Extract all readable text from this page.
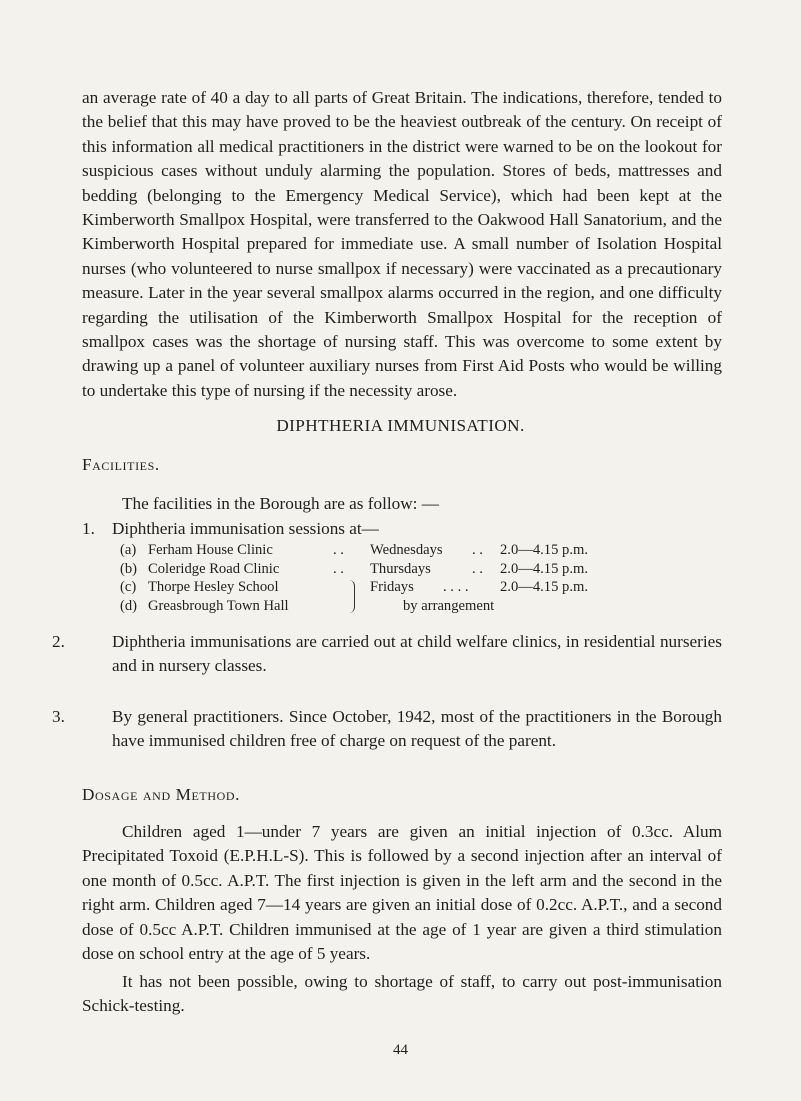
an average rate of 40 a day to all parts of Great Britain. The indications, therefore, tended to the belief that this may have proved to be the heaviest outbreak of the century. On receipt of this information all medical practitioners in the district were warned to be on the lookout for suspicious cases without unduly alarming the population. Stores of beds, mattresses and bedding (belonging to the Emergency Medical Service), which had been kept at the Kimberworth Smallpox Hospital, were transferred to the Oakwood Hall Sanatorium, and the Kimberworth Hospital prepared for immediate use. A small number of Isolation Hospital nurses (who volunteered to nurse smallpox if necessary) were vaccinated as a precautionary measure. Later in the year several smallpox alarms occurred in the region, and one difficulty regarding the utilisation of the Kimberworth Smallpox Hospital for the reception of smallpox cases was the shortage of nursing staff. This was overcome to some extent by drawing up a panel of volunteer auxiliary nurses from First Aid Posts who would be willing to undertake this type of nursing if the necessity arose.

DIPHTHERIA IMMUNISATION.

Facilities.

The facilities in the Borough are as follow: —

1. Diphtheria immunisation sessions at—

(a) Ferham House Clinic	. . Wednesdays . . 2.0—4.15 p.m.
(b) Coleridge Road Clinic	. . Thursdays	. . 2.0—4.15 p.m.
(c) Thorpe Hesley School	Fridays . . . . 2.0—4.15 p.m.
(d) Greasbrough Town Hall	by arrangement
2.	Diphtheria immunisations are carried out at child welfare clinics, in residential nurseries and in nursery classes.
3.	By general practitioners. Since October, 1942, most of the practitioners in the Borough have immunised children free of charge on request of the parent.

Dosage and Method.

Children aged 1—under 7 years are given an initial injection of 0.3cc. Alum Precipitated Toxoid (E.P.H.L-S). This is followed by a second injection after an interval of one month of 0.5cc. A.P.T. The first injection is given in the left arm and the second in the right arm. Children aged 7—14 years are given an initial dose of 0.2cc. A.P.T., and a second dose of 0.5cc A.P.T. Children immunised at the age of 1 year are given a third stimulation dose on school entry at the age of 5 years.

It has not been possible, owing to shortage of staff, to carry out post-immunisation Schick-testing.

44
